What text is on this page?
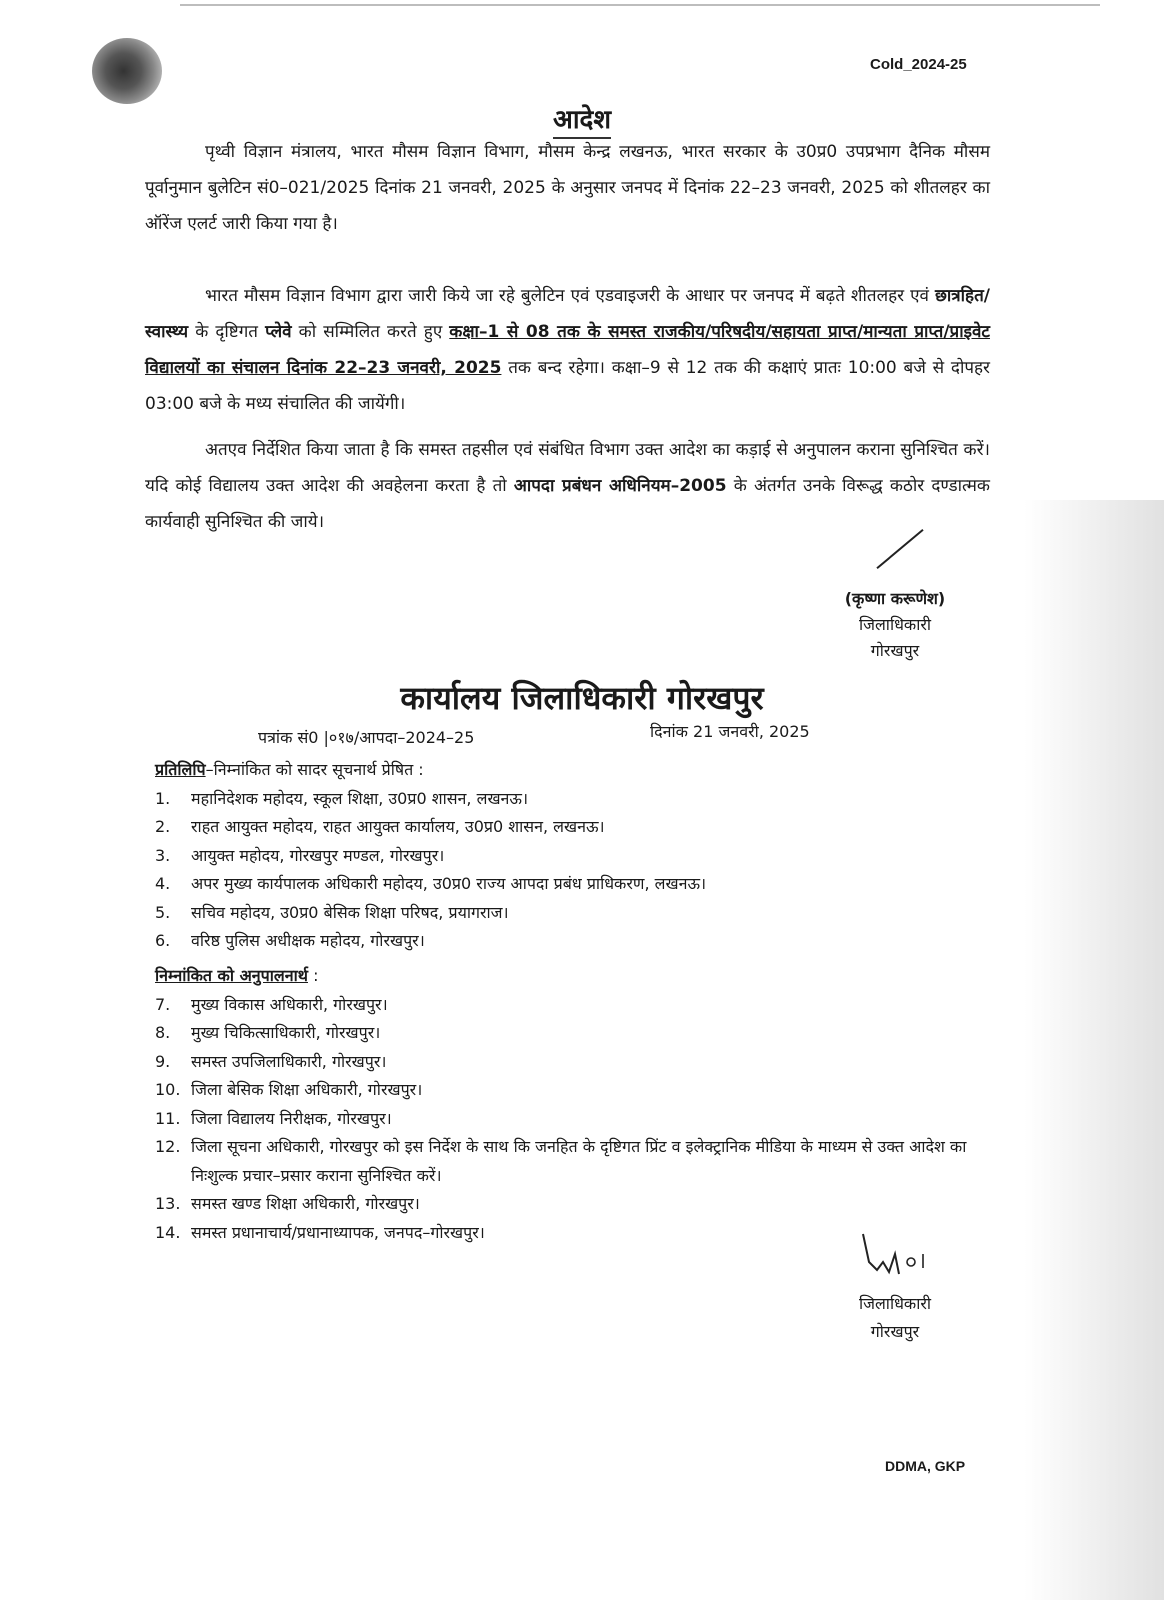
Cold_2024-25
आदेश
पृथ्वी विज्ञान मंत्रालय, भारत मौसम विज्ञान विभाग, मौसम केन्द्र लखनऊ, भारत सरकार के उ0प्र0 उपप्रभाग दैनिक मौसम पूर्वानुमान बुलेटिन सं0–021/2025 दिनांक 21 जनवरी, 2025 के अनुसार जनपद में दिनांक 22–23 जनवरी, 2025 को शीतलहर का ऑरेंज एलर्ट जारी किया गया है।
भारत मौसम विज्ञान विभाग द्वारा जारी किये जा रहे बुलेटिन एवं एडवाइजरी के आधार पर जनपद में बढ़ते शीतलहर एवं छात्रहित/स्वास्थ्य के दृष्टिगत प्लेवे को सम्मिलित करते हुए कक्षा–1 से 08 तक के समस्त राजकीय/परिषदीय/सहायता प्राप्त/मान्यता प्राप्त/प्राइवेट विद्यालयों का संचालन दिनांक 22–23 जनवरी, 2025 तक बन्द रहेगा। कक्षा–9 से 12 तक की कक्षाएं प्रातः 10:00 बजे से दोपहर 03:00 बजे के मध्य संचालित की जायेंगी।
अतएव निर्देशित किया जाता है कि समस्त तहसील एवं संबंधित विभाग उक्त आदेश का कड़ाई से अनुपालन कराना सुनिश्चित करें। यदि कोई विद्यालय उक्त आदेश की अवहेलना करता है तो आपदा प्रबंधन अधिनियम–2005 के अंतर्गत उनके विरूद्ध कठोर दण्डात्मक कार्यवाही सुनिश्चित की जाये।
(कृष्णा करूणेश)
जिलाधिकारी
गोरखपुर
कार्यालय जिलाधिकारी गोरखपुर
पत्रांक सं0 |०१७/आपदा–2024–25	दिनांक 21 जनवरी, 2025
प्रतिलिपि–निम्नांकित को सादर सूचनार्थ प्रेषित :
1.	महानिदेशक महोदय, स्कूल शिक्षा, उ0प्र0 शासन, लखनऊ।
2.	राहत आयुक्त महोदय, राहत आयुक्त कार्यालय, उ0प्र0 शासन, लखनऊ।
3.	आयुक्त महोदय, गोरखपुर मण्डल, गोरखपुर।
4.	अपर मुख्य कार्यपालक अधिकारी महोदय, उ0प्र0 राज्य आपदा प्रबंध प्राधिकरण, लखनऊ।
5.	सचिव महोदय, उ0प्र0 बेसिक शिक्षा परिषद, प्रयागराज।
6.	वरिष्ठ पुलिस अधीक्षक महोदय, गोरखपुर।
निम्नांकित को अनुपालनार्थ :
7.	मुख्य विकास अधिकारी, गोरखपुर।
8.	मुख्य चिकित्साधिकारी, गोरखपुर।
9.	समस्त उपजिलाधिकारी, गोरखपुर।
10. जिला बेसिक शिक्षा अधिकारी, गोरखपुर।
11. जिला विद्यालय निरीक्षक, गोरखपुर।
12. जिला सूचना अधिकारी, गोरखपुर को इस निर्देश के साथ कि जनहित के दृष्टिगत प्रिंट व इलेक्ट्रानिक मीडिया के माध्यम से उक्त आदेश का निःशुल्क प्रचार–प्रसार कराना सुनिश्चित करें।
13. समस्त खण्ड शिक्षा अधिकारी, गोरखपुर।
14. समस्त प्रधानाचार्य/प्रधानाध्यापक, जनपद–गोरखपुर।
जिलाधिकारी
गोरखपुर
DDMA, GKP
